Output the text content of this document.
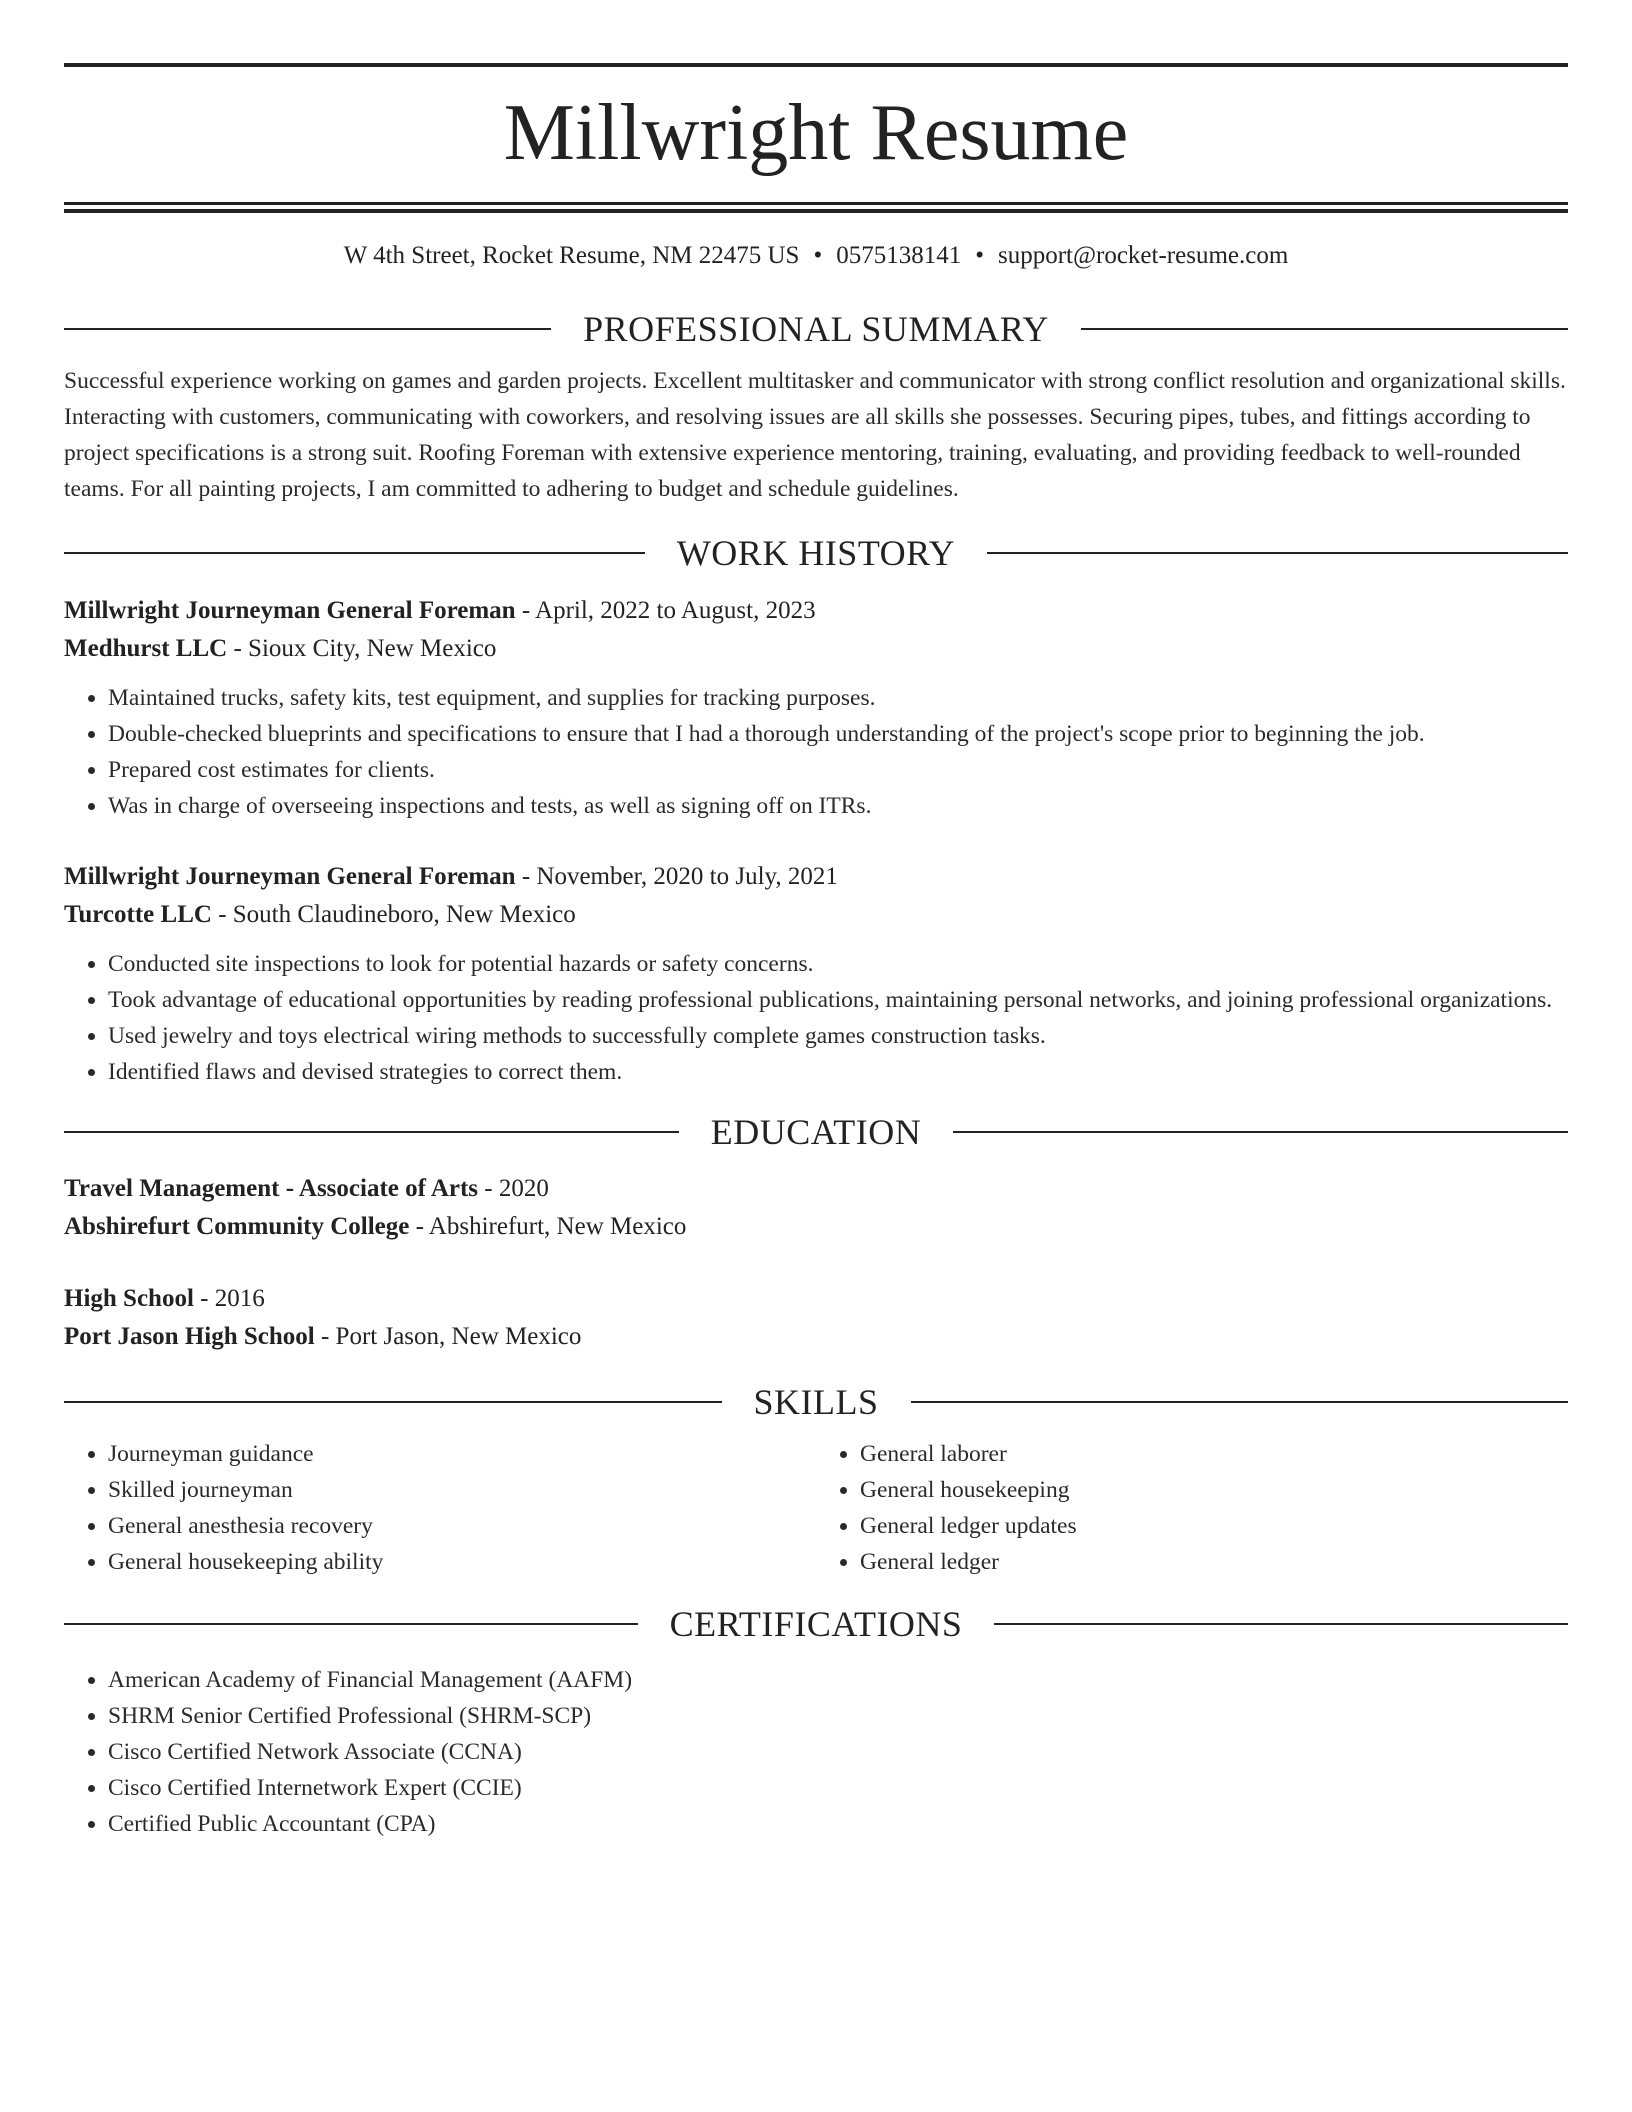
Millwright Resume
W 4th Street, Rocket Resume, NM 22475 US • 0575138141 • support@rocket-resume.com
PROFESSIONAL SUMMARY

Successful experience working on games and garden projects. Excellent multitasker and communicator with strong conflict resolution and organizational skills. Interacting with customers, communicating with coworkers, and resolving issues are all skills she possesses. Securing pipes, tubes, and fittings according to project specifications is a strong suit. Roofing Foreman with extensive experience mentoring, training, evaluating, and providing feedback to well-rounded teams. For all painting projects, I am committed to adhering to budget and schedule guidelines.

WORK HISTORY
Millwright Journeyman General Foreman - April, 2022 to August, 2023
Medhurst LLC - Sioux City, New Mexico
• Maintained trucks, safety kits, test equipment, and supplies for tracking purposes.
• Double-checked blueprints and specifications to ensure that I had a thorough understanding of the project's scope prior to beginning the job.
• Prepared cost estimates for clients.
• Was in charge of overseeing inspections and tests, as well as signing off on ITRs.
Millwright Journeyman General Foreman - November, 2020 to July, 2021
Turcotte LLC - South Claudineboro, New Mexico
• Conducted site inspections to look for potential hazards or safety concerns.
• Took advantage of educational opportunities by reading professional publications, maintaining personal networks, and joining professional organizations.
• Used jewelry and toys electrical wiring methods to successfully complete games construction tasks.
• Identified flaws and devised strategies to correct them.
EDUCATION
Travel Management - Associate of Arts - 2020
Abshirefurt Community College - Abshirefurt, New Mexico
High School - 2016
Port Jason High School - Port Jason, New Mexico
SKILLS
• Journeyman guidance
• Skilled journeyman
• General anesthesia recovery
• General housekeeping ability
• General laborer
• General housekeeping
• General ledger updates
• General ledger
CERTIFICATIONS
• American Academy of Financial Management (AAFM)
• SHRM Senior Certified Professional (SHRM-SCP)
• Cisco Certified Network Associate (CCNA)
• Cisco Certified Internetwork Expert (CCIE)
• Certified Public Accountant (CPA)
